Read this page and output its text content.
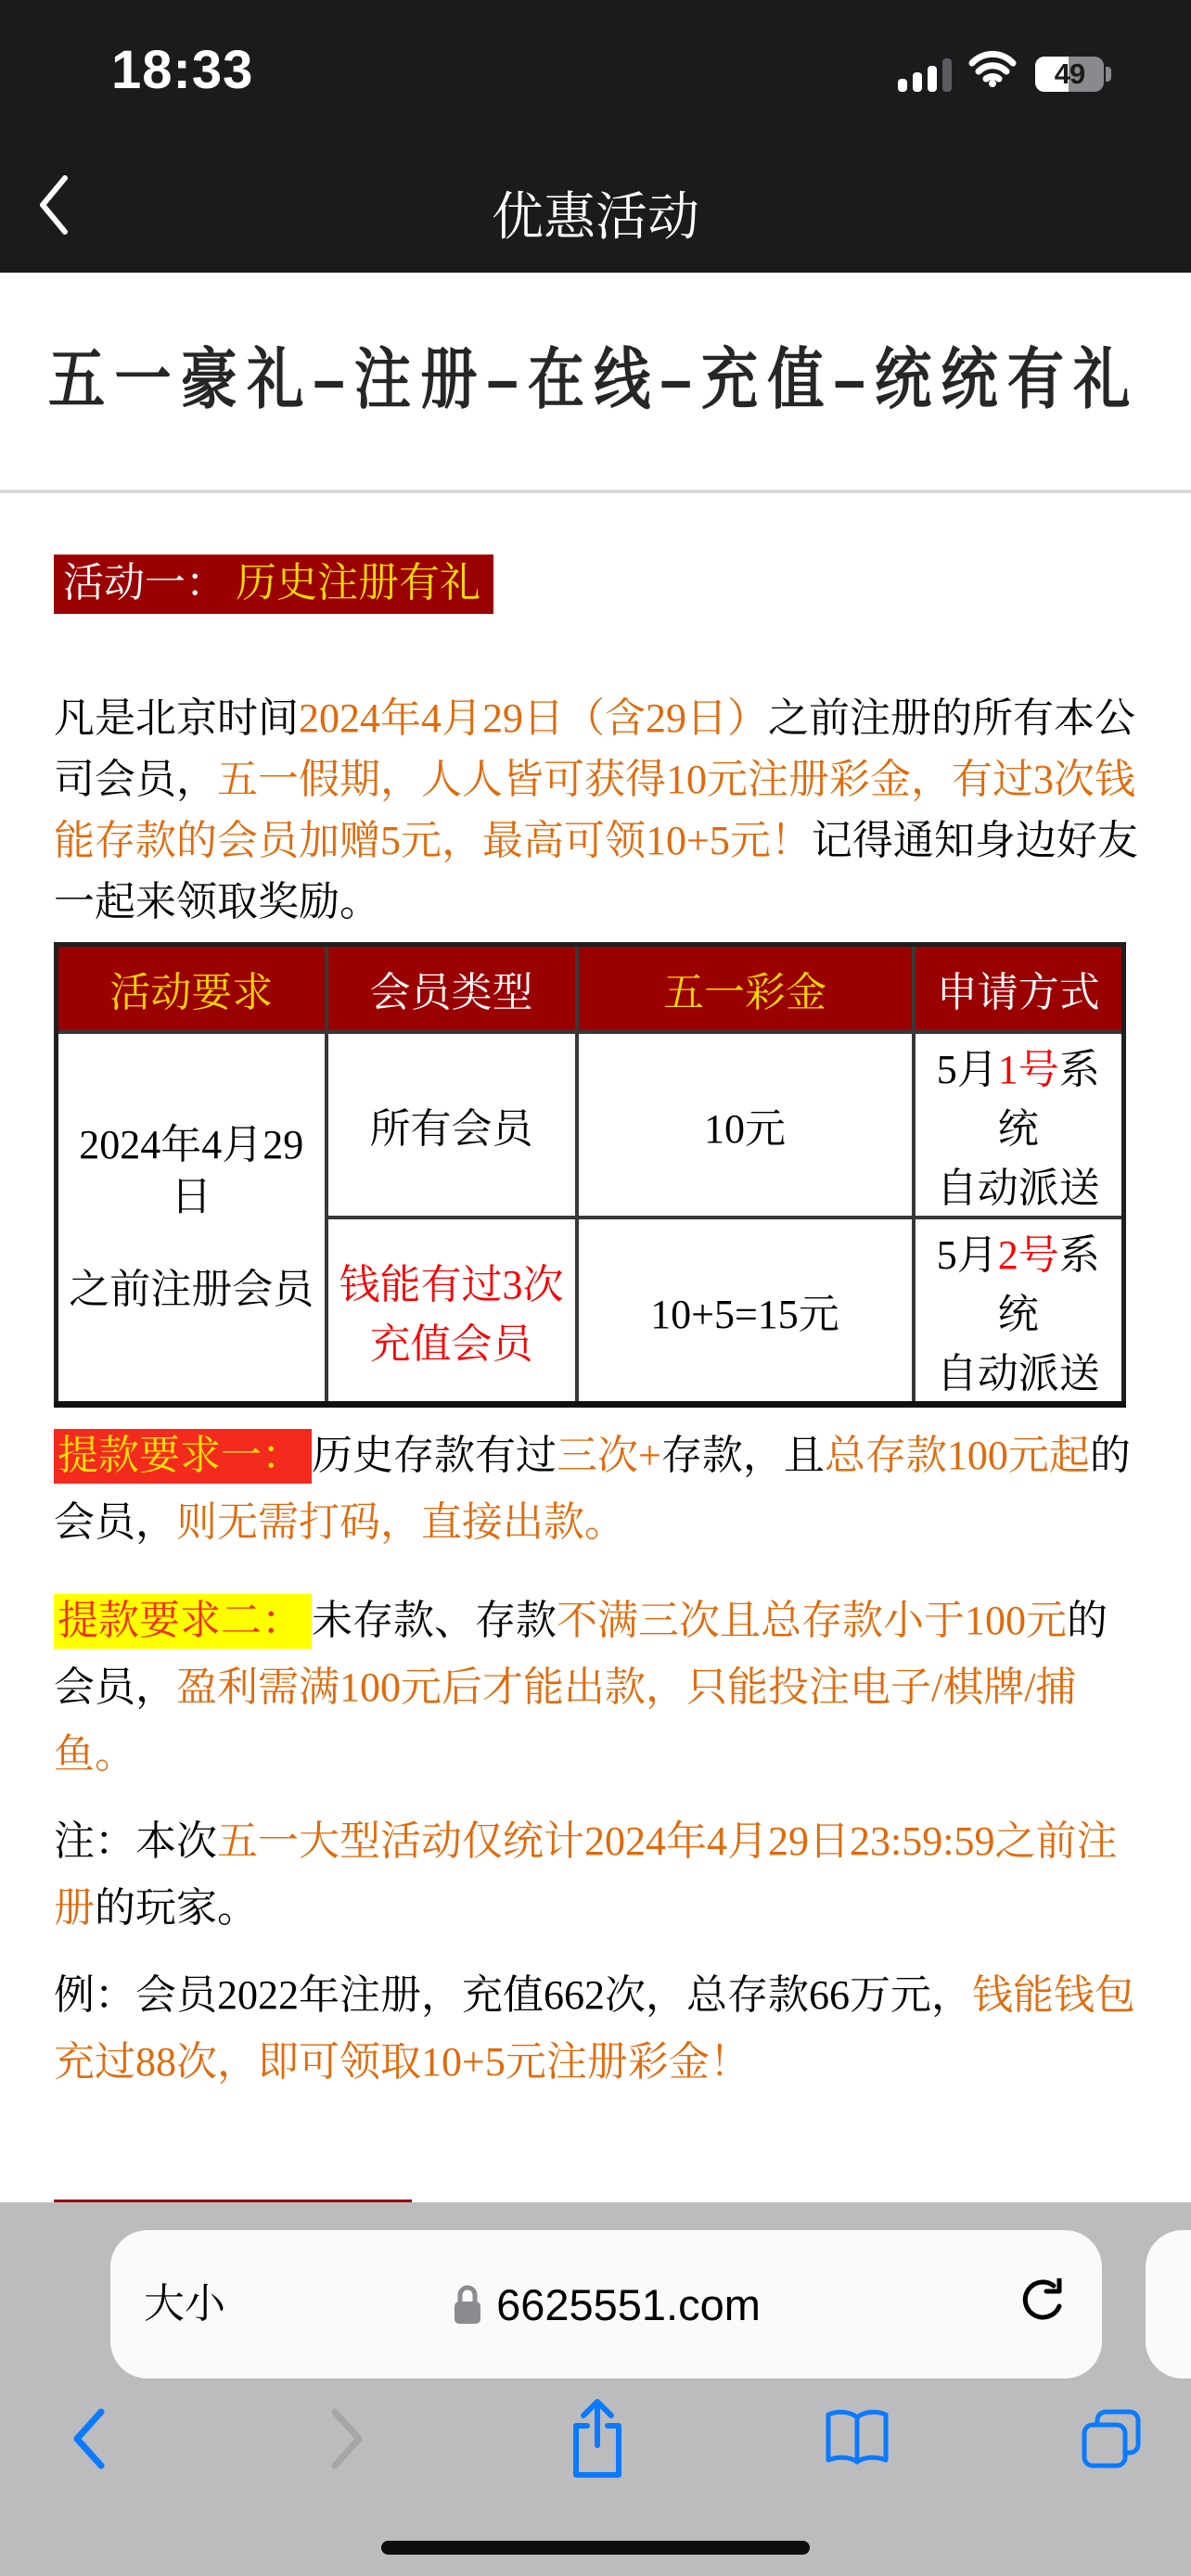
18:33	49
优惠活动
五一豪礼–注册–在线–充值–统统有礼
活动一： 历史注册有礼

凡是北京时间2024年4月29日（含29日）之前注册的所有本公司会员，五一假期，人人皆可获得10元注册彩金，有过3次钱能存款的会员加赠5元，最高可领10+5元！记得通知身边好友一起来领取奖励。

活动要求	会员类型	五一彩金	申请方式

2024年4月29日

之前注册会员

	所有会员	10元	5月1号系统
自动派送
	钱能有过3次充值会员	10+5=15元	5月2号系统
自动派送

提款要求一： 历史存款有过三次+存款，且总存款100元起的会员，则无需打码，直接出款。

提款要求二： 未存款、存款不满三次且总存款小于100元的会员，盈利需满100元后才能出款，只能投注电子/棋牌/捕鱼。

注：本次五一大型活动仅统计2024年4月29日23:59:59之前注册的玩家。

例：会员2022年注册，充值662次，总存款66万元，钱能钱包充过88次，即可领取10+5元注册彩金！

大小	6625551.com
